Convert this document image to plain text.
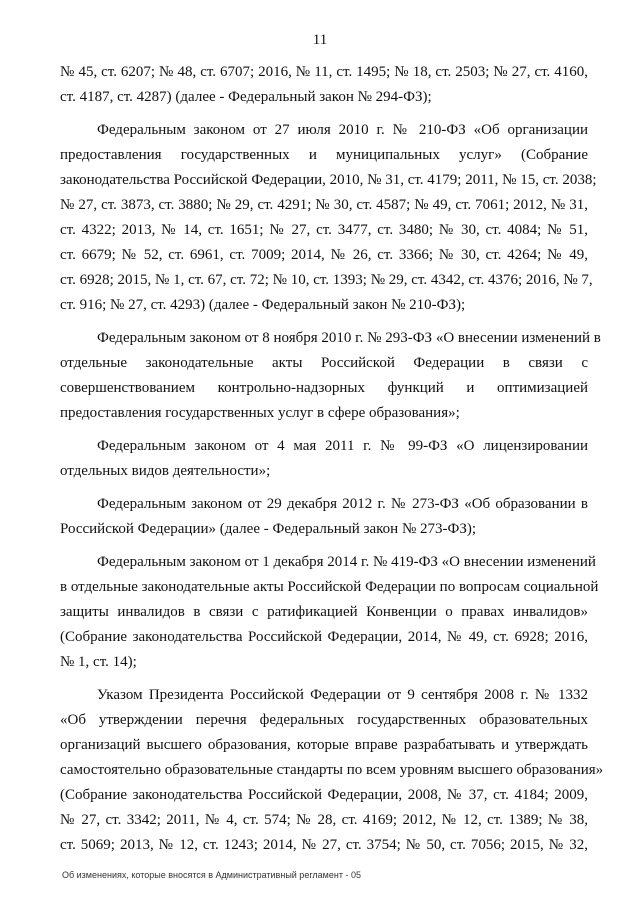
11
№ 45, ст. 6207; № 48, ст. 6707; 2016, № 11, ст. 1495; № 18, ст. 2503; № 27, ст. 4160,
ст. 4187, ст. 4287) (далее - Федеральный закон № 294-ФЗ);
Федеральным законом от 27 июля 2010 г. № 210-ФЗ «Об организации
предоставления государственных и муниципальных услуг» (Собрание
законодательства Российской Федерации, 2010, № 31, ст. 4179; 2011, № 15, ст. 2038;
№ 27, ст. 3873, ст. 3880; № 29, ст. 4291; № 30, ст. 4587; № 49, ст. 7061; 2012, № 31,
ст. 4322; 2013, № 14, ст. 1651; № 27, ст. 3477, ст. 3480; № 30, ст. 4084; № 51,
ст. 6679; № 52, ст. 6961, ст. 7009; 2014, № 26, ст. 3366; № 30, ст. 4264; № 49,
ст. 6928; 2015, № 1, ст. 67, ст. 72; № 10, ст. 1393; № 29, ст. 4342, ст. 4376; 2016, № 7,
ст. 916; № 27, ст. 4293) (далее - Федеральный закон № 210-ФЗ);
Федеральным законом от 8 ноября 2010 г. № 293-ФЗ «О внесении изменений в
отдельные законодательные акты Российской Федерации в связи с
совершенствованием контрольно-надзорных функций и оптимизацией
предоставления государственных услуг в сфере образования»;
Федеральным законом от 4 мая 2011 г. № 99-ФЗ «О лицензировании
отдельных видов деятельности»;
Федеральным законом от 29 декабря 2012 г. № 273-ФЗ «Об образовании в
Российской Федерации» (далее - Федеральный закон № 273-ФЗ);
Федеральным законом от 1 декабря 2014 г. № 419-ФЗ «О внесении изменений
в отдельные законодательные акты Российской Федерации по вопросам социальной
защиты инвалидов в связи с ратификацией Конвенции о правах инвалидов»
(Собрание законодательства Российской Федерации, 2014, № 49, ст. 6928; 2016,
№ 1, ст. 14);
Указом Президента Российской Федерации от 9 сентября 2008 г. № 1332
«Об утверждении перечня федеральных государственных образовательных
организаций высшего образования, которые вправе разрабатывать и утверждать
самостоятельно образовательные стандарты по всем уровням высшего образования»
(Собрание законодательства Российской Федерации, 2008, № 37, ст. 4184; 2009,
№ 27, ст. 3342; 2011, № 4, ст. 574; № 28, ст. 4169; 2012, № 12, ст. 1389; № 38,
ст. 5069; 2013, № 12, ст. 1243; 2014, № 27, ст. 3754; № 50, ст. 7056; 2015, № 32,
Об изменениях, которые вносятся в Административный регламент - 05
